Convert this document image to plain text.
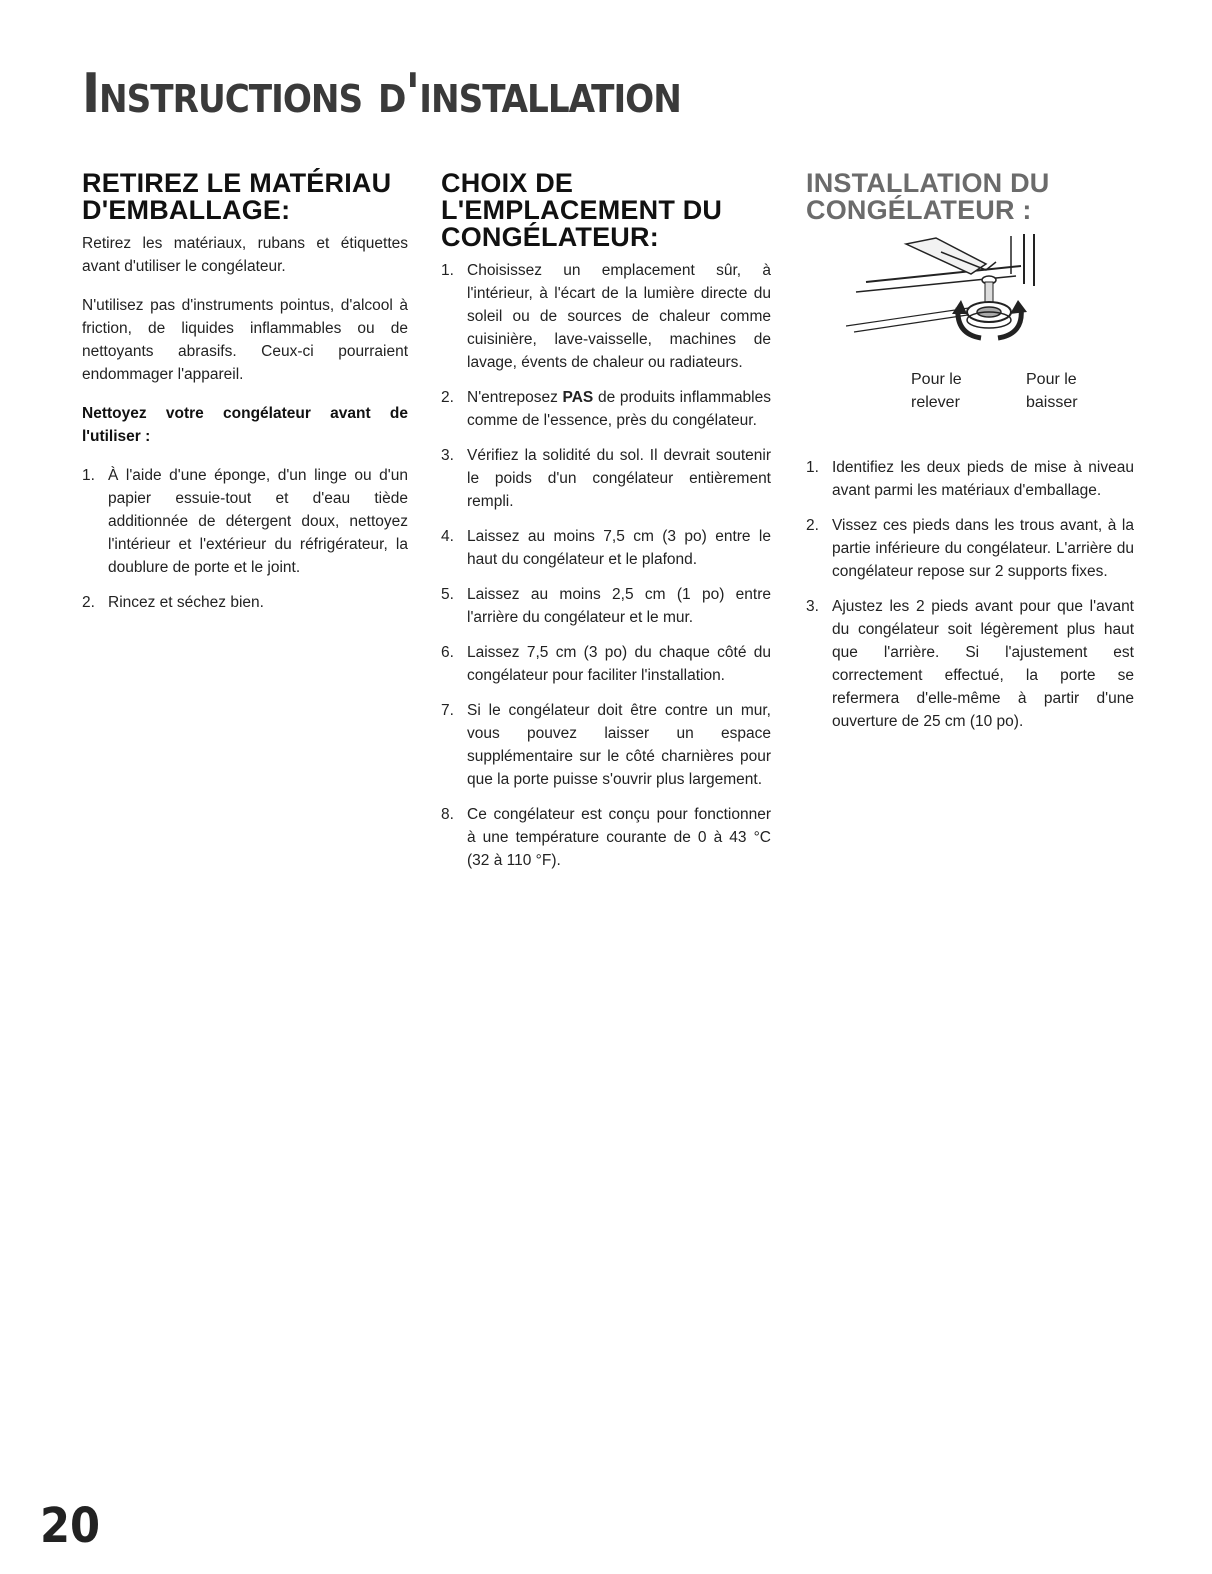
Instructions d'installation
RETIREZ LE MATÉRIAU D'EMBALLAGE:

Retirez les matériaux, rubans et étiquettes avant d'utiliser le congélateur.

N'utilisez pas d'instruments pointus, d'alcool à friction, de liquides inflammables ou de nettoyants abrasifs. Ceux-ci pourraient endommager l'appareil.

Nettoyez votre congélateur avant de l'utiliser :

1. À l'aide d'une éponge, d'un linge ou d'un papier essuie-tout et d'eau tiède additionnée de détergent doux, nettoyez l'intérieur et l'extérieur du réfrigérateur, la doublure de porte et le joint.
2. Rincez et séchez bien.
CHOIX DE L'EMPLACEMENT DU CONGÉLATEUR:
1. Choisissez un emplacement sûr, à l'intérieur, à l'écart de la lumière directe du soleil ou de sources de chaleur comme cuisinière, lave-vaisselle, machines de lavage, évents de chaleur ou radiateurs.
2. N'entreposez PAS de produits inflammables comme de l'essence, près du congélateur.
3. Vérifiez la solidité du sol. Il devrait soutenir le poids d'un congélateur entièrement rempli.
4. Laissez au moins 7,5 cm (3 po) entre le haut du congélateur et le plafond.
5. Laissez au moins 2,5 cm (1 po) entre l'arrière du congélateur et le mur.
6. Laissez 7,5 cm (3 po) du chaque côté du congélateur pour faciliter l'installation.
7. Si le congélateur doit être contre un mur, vous pouvez laisser un espace supplémentaire sur le côté charnières pour que la porte puisse s'ouvrir plus largement.
8. Ce congélateur est conçu pour fonctionner à une température courante de 0 à 43 °C (32 à 110 °F).
INSTALLATION DU CONGÉLATEUR :
Pour le relever
Pour le baisser
1. Identifiez les deux pieds de mise à niveau avant parmi les matériaux d'emballage.
2. Vissez ces pieds dans les trous avant, à la partie inférieure du congélateur. L'arrière du congélateur repose sur 2 supports fixes.
3. Ajustez les 2 pieds avant pour que l'avant du congélateur soit légèrement plus haut que l'arrière. Si l'ajustement est correctement effectué, la porte se refermera d'elle-même à partir d'une ouverture de 25 cm (10 po).
20
